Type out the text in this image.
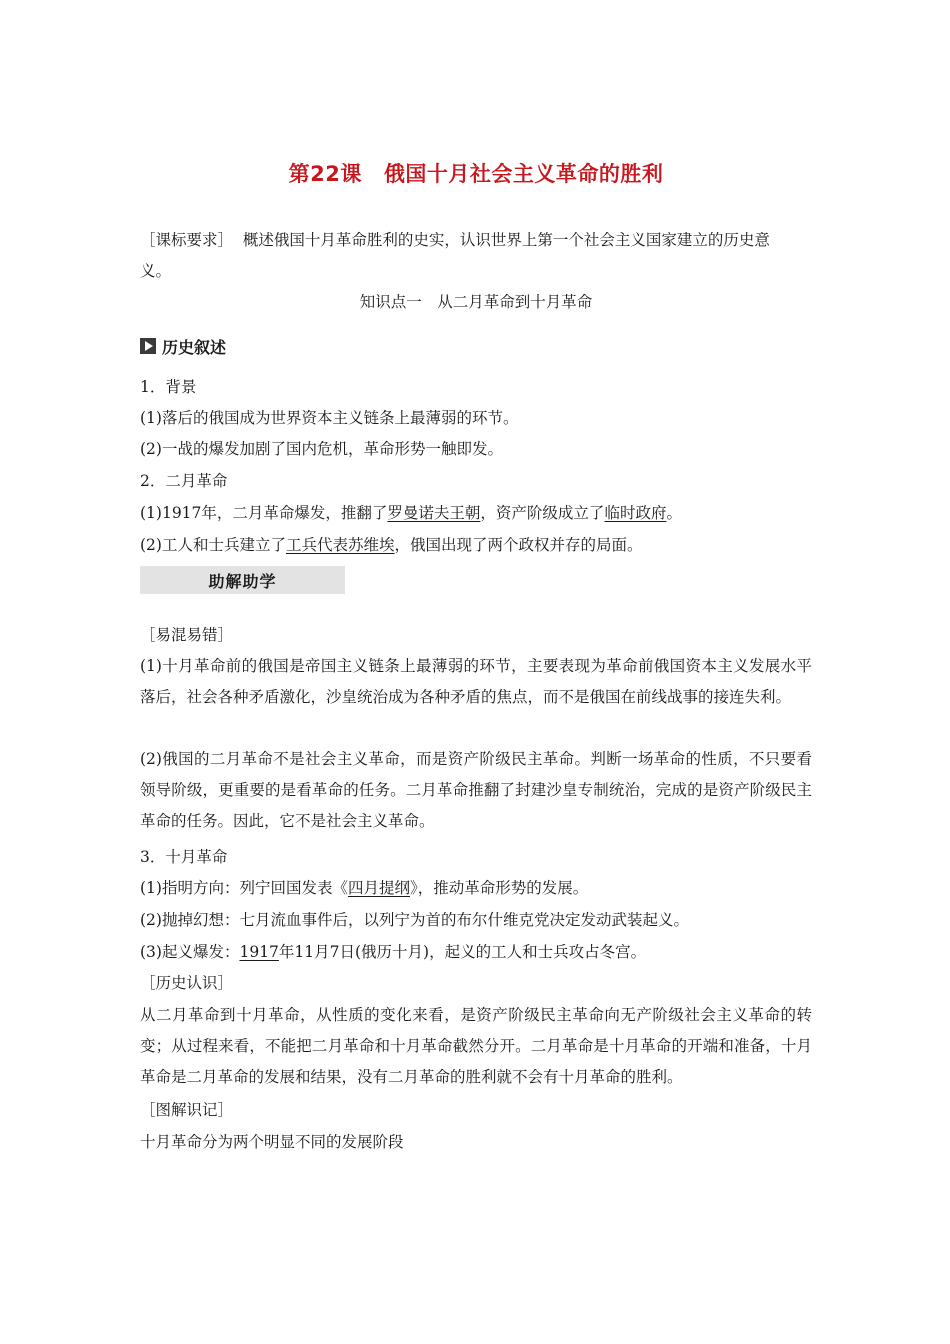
第22课 俄国十月社会主义革命的胜利
［课标要求］ 概述俄国十月革命胜利的史实，认识世界上第一个社会主义国家建立的历史意
义。
知识点一　从二月革命到十月革命
历史叙述
1．背景
(1)落后的俄国成为世界资本主义链条上最薄弱的环节。
(2)一战的爆发加剧了国内危机，革命形势一触即发。
2．二月革命
(1)1917年，二月革命爆发，推翻了罗曼诺夫王朝，资产阶级成立了临时政府。
(2)工人和士兵建立了工兵代表苏维埃，俄国出现了两个政权并存的局面。
助解助学
［易混易错］
(1)十月革命前的俄国是帝国主义链条上最薄弱的环节，主要表现为革命前俄国资本主义发展水平落后，社会各种矛盾激化，沙皇统治成为各种矛盾的焦点，而不是俄国在前线战事的接连失利。
(2)俄国的二月革命不是社会主义革命，而是资产阶级民主革命。判断一场革命的性质，不只要看领导阶级，更重要的是看革命的任务。二月革命推翻了封建沙皇专制统治，完成的是资产阶级民主革命的任务。因此，它不是社会主义革命。
3．十月革命
(1)指明方向：列宁回国发表《四月提纲》，推动革命形势的发展。
(2)抛掉幻想：七月流血事件后，以列宁为首的布尔什维克党决定发动武装起义。
(3)起义爆发：1917年11月7日(俄历十月)，起义的工人和士兵攻占冬宫。
［历史认识］
从二月革命到十月革命，从性质的变化来看，是资产阶级民主革命向无产阶级社会主义革命的转变；从过程来看，不能把二月革命和十月革命截然分开。二月革命是十月革命的开端和准备，十月革命是二月革命的发展和结果，没有二月革命的胜利就不会有十月革命的胜利。
［图解识记］
十月革命分为两个明显不同的发展阶段
